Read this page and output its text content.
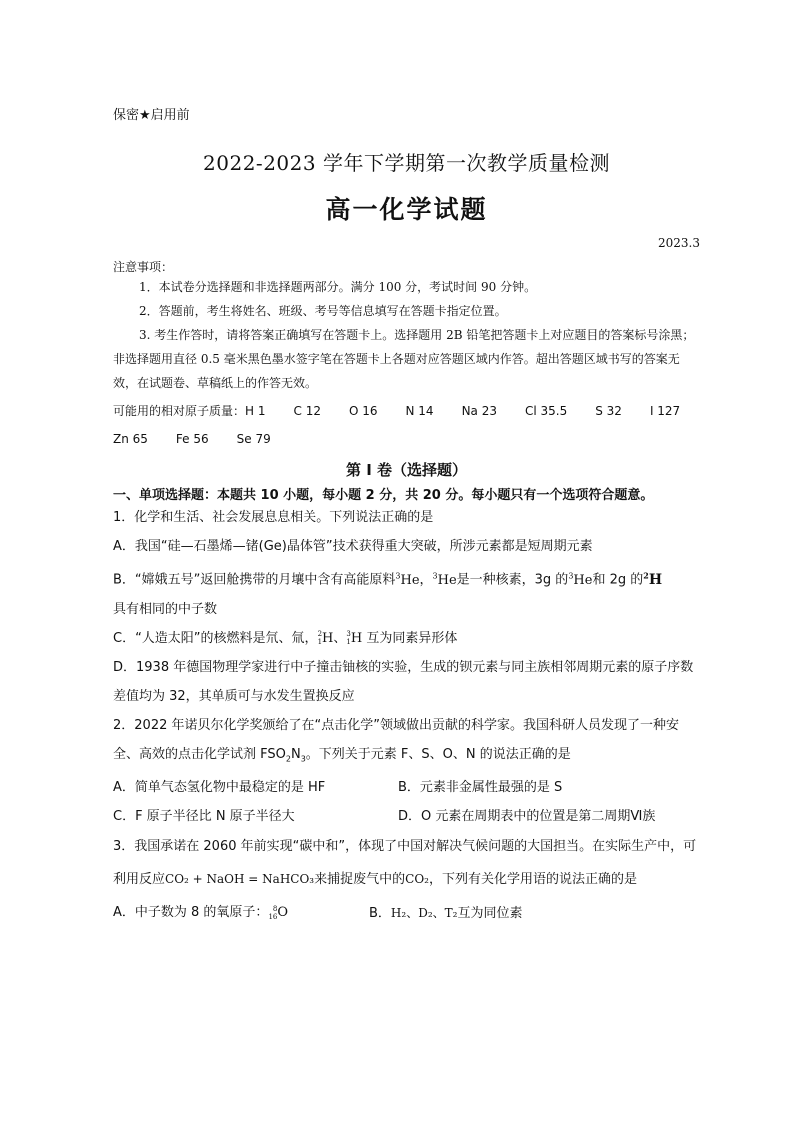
保密★启用前
2022-2023 学年下学期第一次教学质量检测
高一化学试题
2023.3
注意事项：
1．本试卷分选择题和非选择题两部分。满分 100 分，考试时间 90 分钟。
2．答题前，考生将姓名、班级、考号等信息填写在答题卡指定位置。
3. 考生作答时，请将答案正确填写在答题卡上。选择题用 2B 铅笔把答题卡上对应题目的答案标号涂黑；非选择题用直径 0.5 毫米黑色墨水签字笔在答题卡上各题对应答题区域内作答。超出答题区域书写的答案无效，在试题卷、草稿纸上的作答无效。
可能用的相对原子质量：H 1 C 12 O 16 N 14 Na 23 Cl 35.5 S 32 I 127
Zn 65 Fe 56 Se 79
第 I 卷（选择题）
一、单项选择题：本题共 10 小题，每小题 2 分，共 20 分。每小题只有一个选项符合题意。
1．化学和生活、社会发展息息相关。下列说法正确的是
A．我国“硅—石墨烯—锗(Ge)晶体管”技术获得重大突破，所涉元素都是短周期元素
B．“嫦娥五号”返回舱携带的月壤中含有高能原料$^3$He，$^3$He是一种核素，3g 的$^3$He和 2g 的$^2$H
具有相同的中子数
C．“人造太阳”的核燃料是氘、氚，2
1H、3
1H 互为同素异形体
D．1938 年德国物理学家进行中子撞击铀核的实验，生成的钡元素与同主族相邻周期元素的原子序数差值均为 32，其单质可与水发生置换反应
2．2022 年诺贝尔化学奖颁给了在“点击化学”领域做出贡献的科学家。我国科研人员发现了一种安全、高效的点击化学试剂 $FSO_2N_3$。下列关于元素 F、S、O、N 的说法正确的是
A．简单气态氢化物中最稳定的是 HF	B．元素非金属性最强的是 S
C．F 原子半径比 N 原子半径大	D．O 元素在周期表中的位置是第二周期Ⅵ族
3．我国承诺在 2060 年前实现“碳中和”，体现了中国对解决气候问题的大国担当。在实际生产中，可利用反应CO₂ + NaOH = NaHCO₃来捕捉废气中的CO₂，下列有关化学用语的说法正确的是
A．中子数为 8 的氧原子： 8
16O	B．H₂、D₂、T₂互为同位素
